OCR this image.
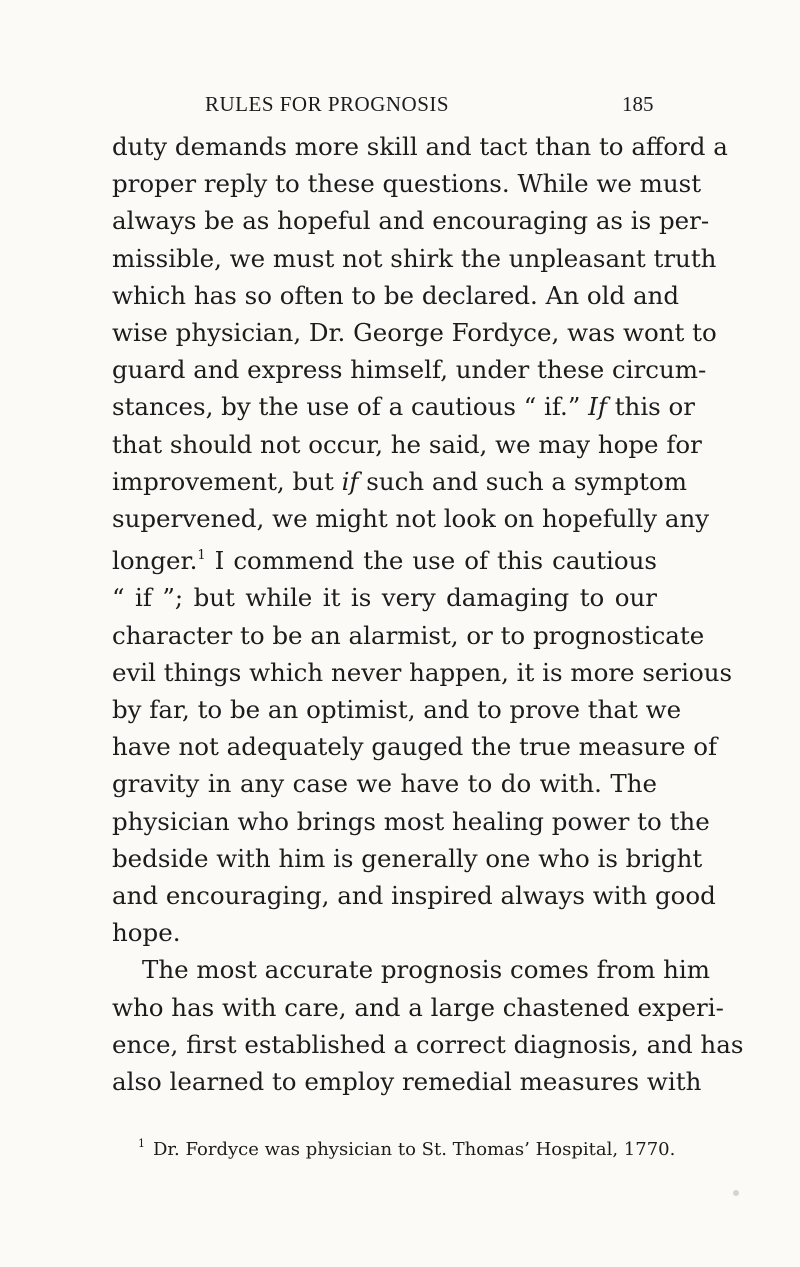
RULES FOR PROGNOSIS	185
duty demands more skill and tact than to afford a
proper reply to these questions. While we must
always be as hopeful and encouraging as is per-
missible, we must not shirk the unpleasant truth
which has so often to be declared. An old and
wise physician, Dr. George Fordyce, was wont to
guard and express himself, under these circum-
stances, by the use of a cautious “ if.” If this or
that should not occur, he said, we may hope for
improvement, but if such and such a symptom
supervened, we might not look on hopefully any
longer.$^1$ I commend the use of this cautious
“ if ”; but while it is very damaging to our
character to be an alarmist, or to prognosticate
evil things which never happen, it is more serious
by far, to be an optimist, and to prove that we
have not adequately gauged the true measure of
gravity in any case we have to do with. The
physician who brings most healing power to the
bedside with him is generally one who is bright
and encouraging, and inspired always with good
hope.
The most accurate prognosis comes from him
who has with care, and a large chastened experi-
ence, first established a correct diagnosis, and has
also learned to employ remedial measures with
$^1$ Dr. Fordyce was physician to St. Thomas’ Hospital, 1770.
